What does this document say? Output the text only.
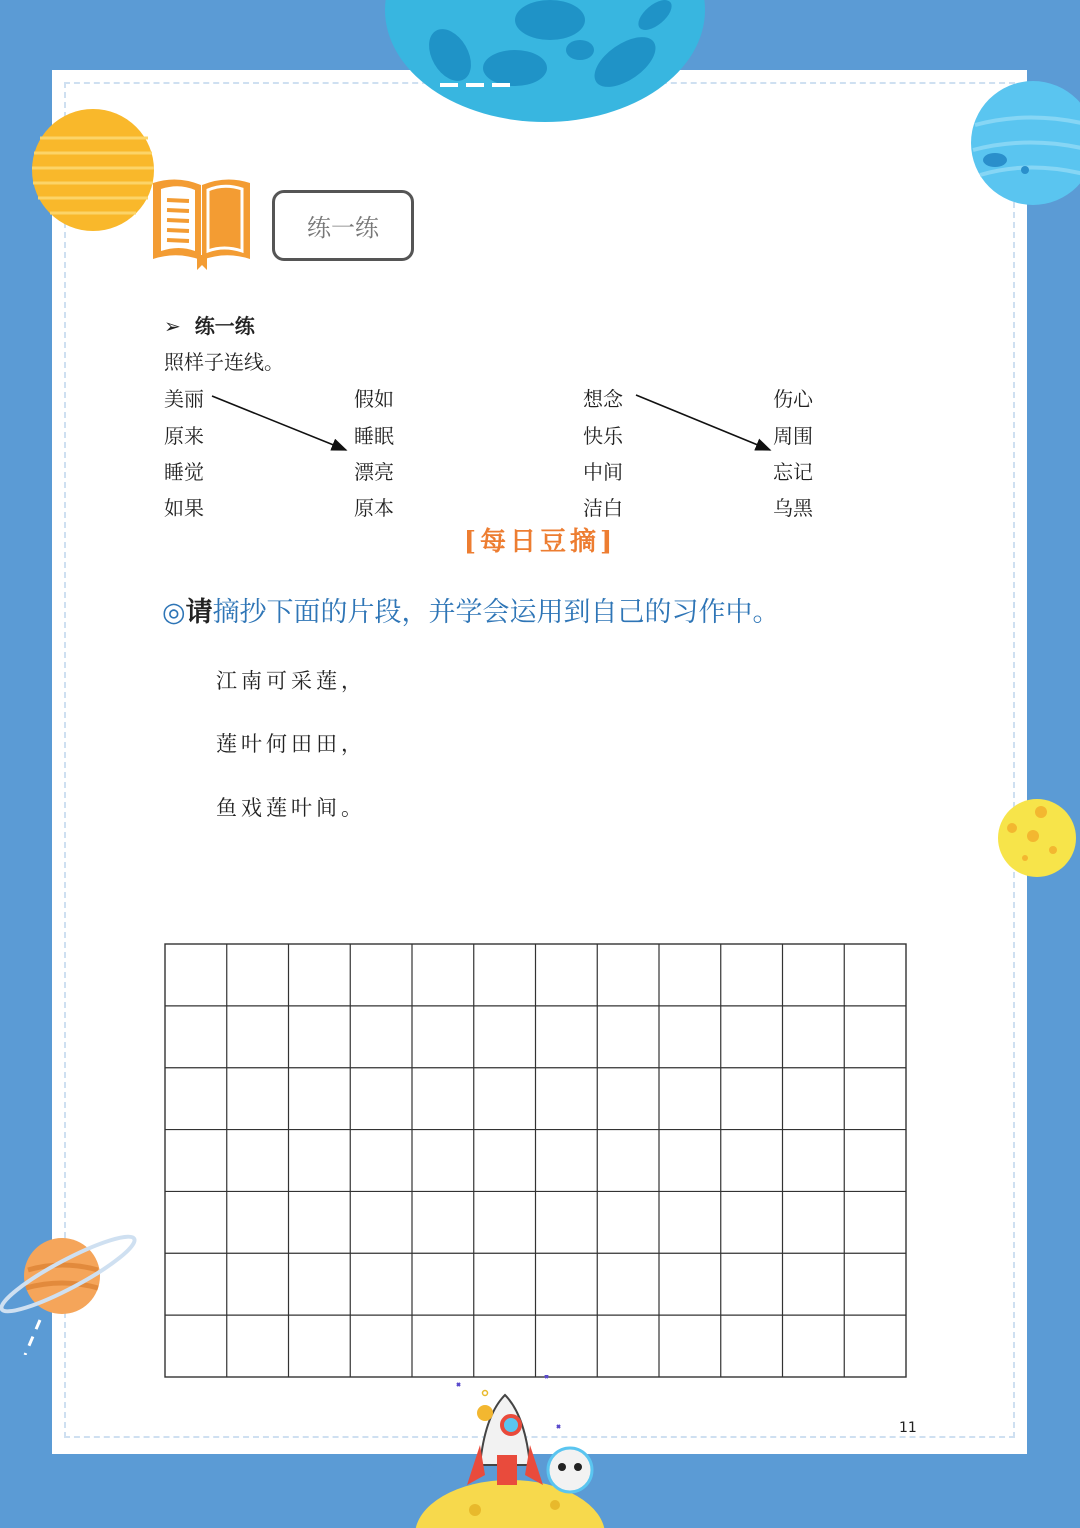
练一练
➢ 练一练
照样子连线。
美丽
原来
睡觉
如果
假如
睡眠
漂亮
原本
想念
快乐
中间
洁白
伤心
周围
忘记
乌黑
[每日豆摘]
◎请摘抄下面的片段，并学会运用到自己的习作中。
江南可采莲，
莲叶何田田，
鱼戏莲叶间。
11
